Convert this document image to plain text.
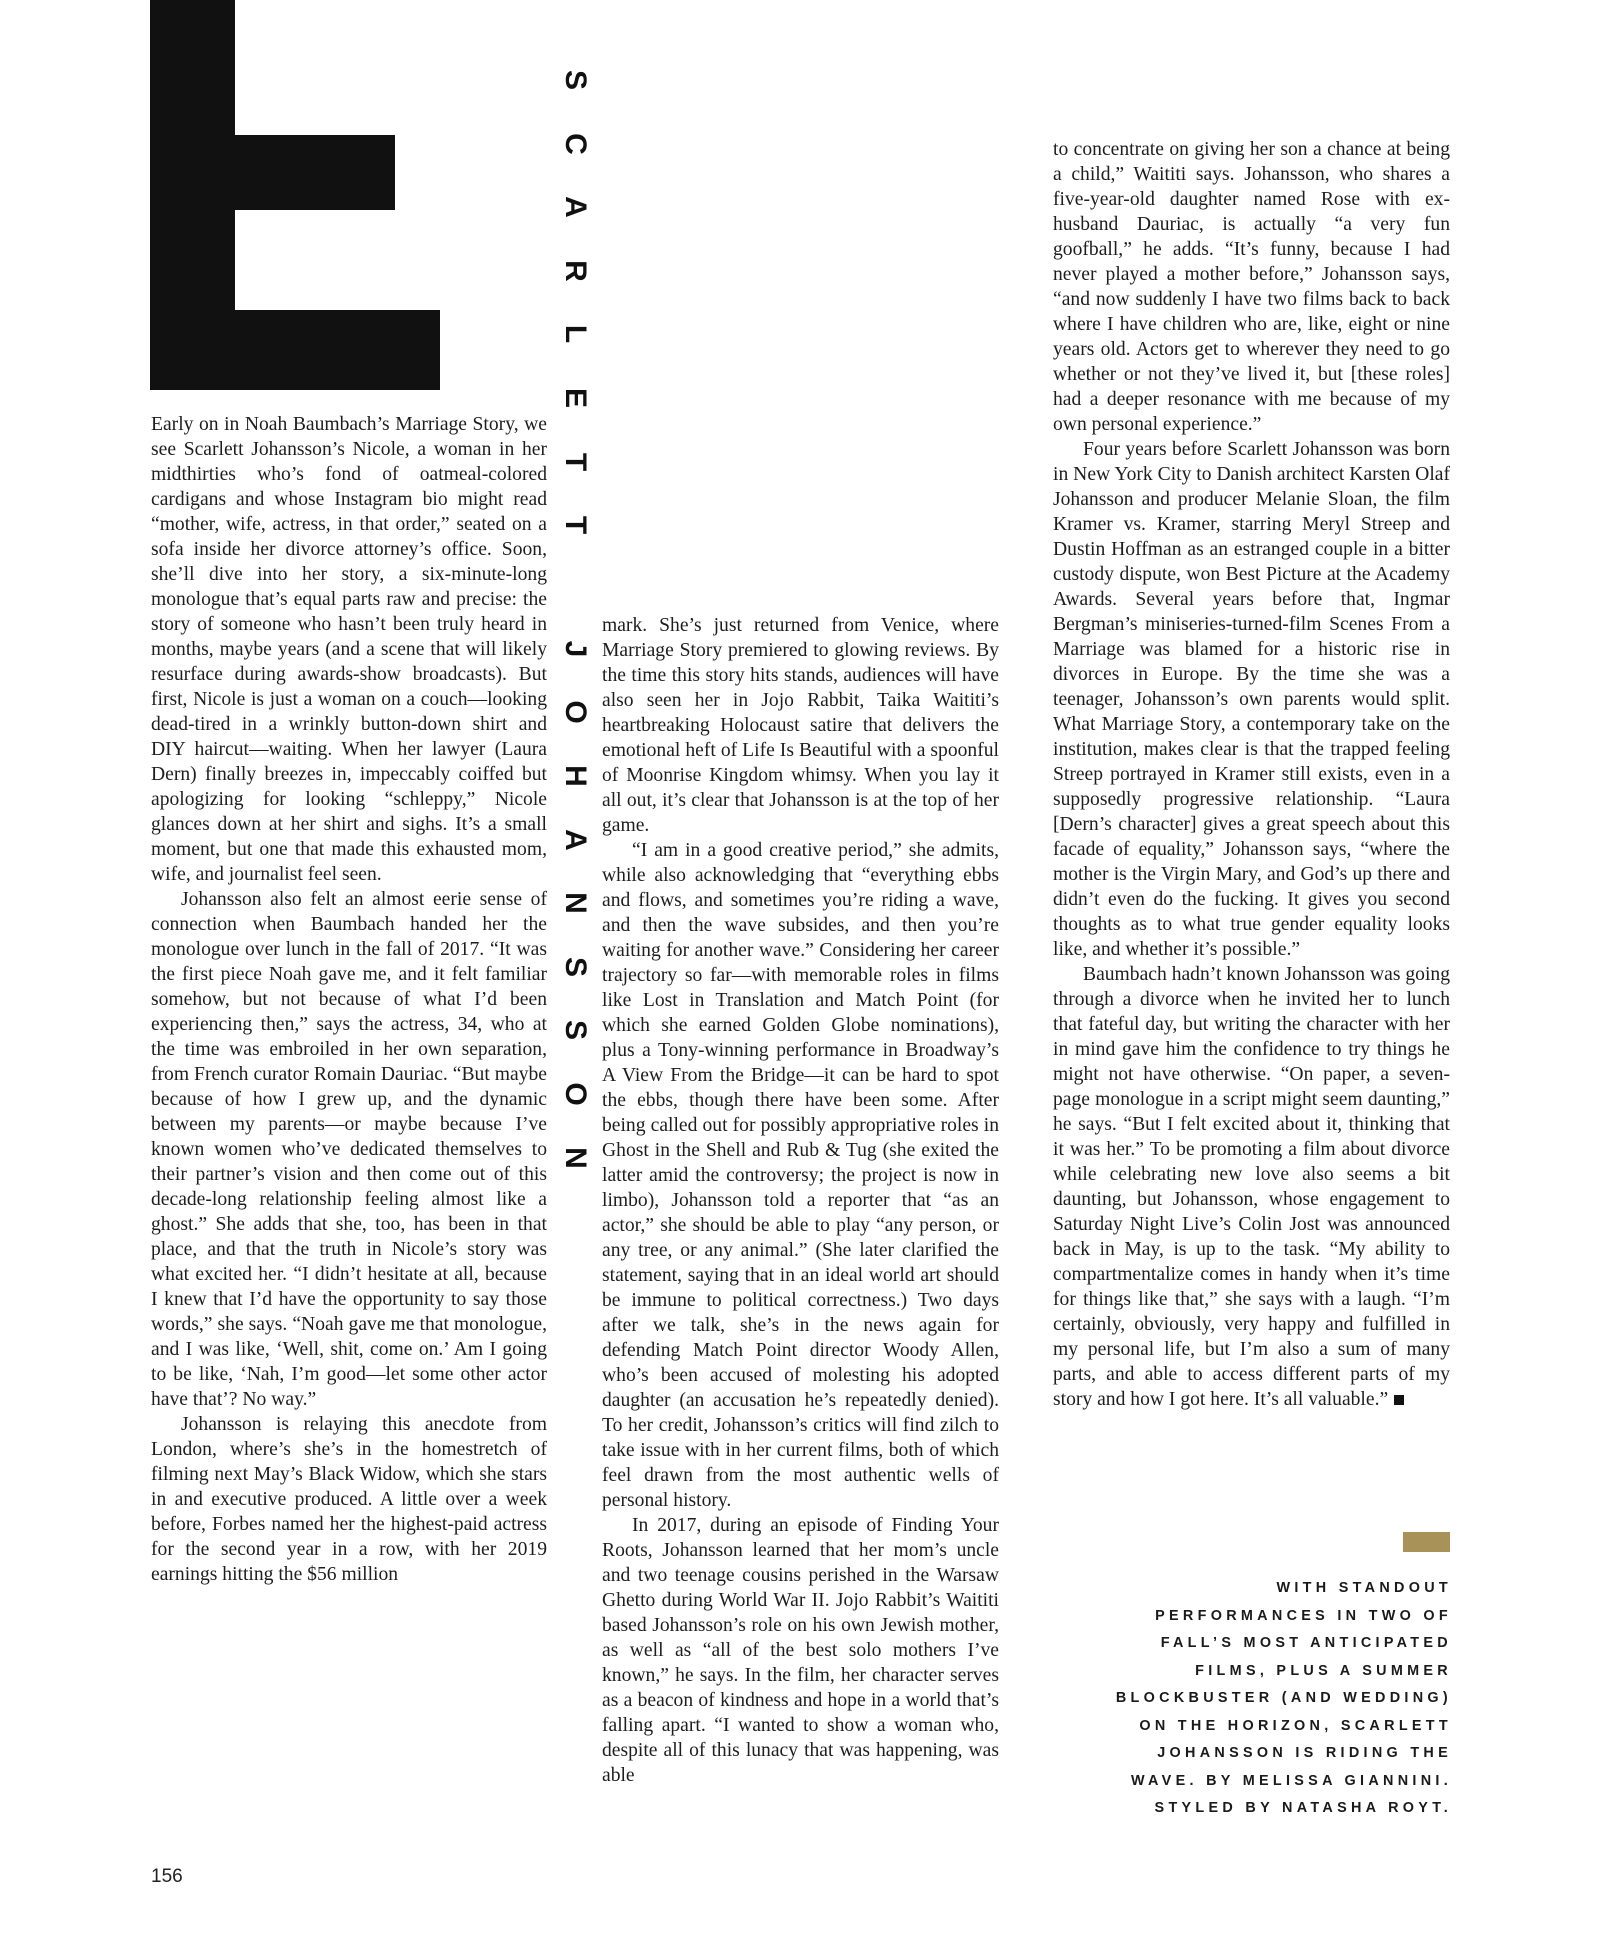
S
C
A
R
L
E
T
T
J
O
H
A
N
S
S
O
N

Early on in Noah Baumbach’s Marriage Story, we see Scarlett Johansson’s Nicole, a woman in her midthirties who’s fond of oatmeal-colored cardigans and whose Instagram bio might read “mother, wife, actress, in that order,” seated on a sofa inside her divorce attorney’s office. Soon, she’ll dive into her story, a six-minute-long monologue that’s equal parts raw and precise: the story of someone who hasn’t been truly heard in months, maybe years (and a scene that will likely resurface during awards-show broadcasts). But first, Nicole is just a woman on a couch—looking dead-tired in a wrinkly button-down shirt and DIY haircut—waiting. When her lawyer (Laura Dern) finally breezes in, impeccably coiffed but apologizing for looking “schleppy,” Nicole glances down at her shirt and sighs. It’s a small moment, but one that made this exhausted mom, wife, and journalist feel seen.

Johansson also felt an almost eerie sense of connection when Baumbach handed her the monologue over lunch in the fall of 2017. “It was the first piece Noah gave me, and it felt familiar somehow, but not because of what I’d been experiencing then,” says the actress, 34, who at the time was embroiled in her own separation, from French curator Romain Dauriac. “But maybe because of how I grew up, and the dynamic between my parents—or maybe because I’ve known women who’ve dedicated themselves to their partner’s vision and then come out of this decade-long relationship feeling almost like a ghost.” She adds that she, too, has been in that place, and that the truth in Nicole’s story was what excited her. “I didn’t hesitate at all, because I knew that I’d have the opportunity to say those words,” she says. “Noah gave me that monologue, and I was like, ‘Well, shit, come on.’ Am I going to be like, ‘Nah, I’m good—let some other actor have that’? No way.”

Johansson is relaying this anecdote from London, where’s she’s in the homestretch of filming next May’s Black Widow, which she stars in and executive produced. A little over a week before, Forbes named her the highest-paid actress for the second year in a row, with her 2019 earnings hitting the $56 million

mark. She’s just returned from Venice, where Marriage Story premiered to glowing reviews. By the time this story hits stands, audiences will have also seen her in Jojo Rabbit, Taika Waititi’s heartbreaking Holocaust satire that delivers the emotional heft of Life Is Beautiful with a spoonful of Moonrise Kingdom whimsy. When you lay it all out, it’s clear that Johansson is at the top of her game.

“I am in a good creative period,” she admits, while also acknowledging that “everything ebbs and flows, and sometimes you’re riding a wave, and then the wave subsides, and then you’re waiting for another wave.” Considering her career trajectory so far—with memorable roles in films like Lost in Translation and Match Point (for which she earned Golden Globe nominations), plus a Tony-winning performance in Broadway’s A View From the Bridge—it can be hard to spot the ebbs, though there have been some. After being called out for possibly appropriative roles in Ghost in the Shell and Rub & Tug (she exited the latter amid the controversy; the project is now in limbo), Johansson told a reporter that “as an actor,” she should be able to play “any person, or any tree, or any animal.” (She later clarified the statement, saying that in an ideal world art should be immune to political correctness.) Two days after we talk, she’s in the news again for defending Match Point director Woody Allen, who’s been accused of molesting his adopted daughter (an accusation he’s repeatedly denied). To her credit, Johansson’s critics will find zilch to take issue with in her current films, both of which feel drawn from the most authentic wells of personal history.

In 2017, during an episode of Finding Your Roots, Johansson learned that her mom’s uncle and two teenage cousins perished in the Warsaw Ghetto during World War II. Jojo Rabbit’s Waititi based Johansson’s role on his own Jewish mother, as well as “all of the best solo mothers I’ve known,” he says. In the film, her character serves as a beacon of kindness and hope in a world that’s falling apart. “I wanted to show a woman who, despite all of this lunacy that was happening, was able

to concentrate on giving her son a chance at being a child,” Waititi says. Johansson, who shares a five-year-old daughter named Rose with ex-husband Dauriac, is actually “a very fun goofball,” he adds. “It’s funny, because I had never played a mother before,” Johansson says, “and now suddenly I have two films back to back where I have children who are, like, eight or nine years old. Actors get to wherever they need to go whether or not they’ve lived it, but [these roles] had a deeper resonance with me because of my own personal experience.”

Four years before Scarlett Johansson was born in New York City to Danish architect Karsten Olaf Johansson and producer Melanie Sloan, the film Kramer vs. Kramer, starring Meryl Streep and Dustin Hoffman as an estranged couple in a bitter custody dispute, won Best Picture at the Academy Awards. Several years before that, Ingmar Bergman’s miniseries-turned-film Scenes From a Marriage was blamed for a historic rise in divorces in Europe. By the time she was a teenager, Johansson’s own parents would split. What Marriage Story, a contemporary take on the institution, makes clear is that the trapped feeling Streep portrayed in Kramer still exists, even in a supposedly progressive relationship. “Laura [Dern’s character] gives a great speech about this facade of equality,” Johansson says, “where the mother is the Virgin Mary, and God’s up there and didn’t even do the fucking. It gives you second thoughts as to what true gender equality looks like, and whether it’s possible.”

Baumbach hadn’t known Johansson was going through a divorce when he invited her to lunch that fateful day, but writing the character with her in mind gave him the confidence to try things he might not have otherwise. “On paper, a seven-page monologue in a script might seem daunting,” he says. “But I felt excited about it, thinking that it was her.” To be promoting a film about divorce while celebrating new love also seems a bit daunting, but Johansson, whose engagement to Saturday Night Live’s Colin Jost was announced back in May, is up to the task. “My ability to compartmentalize comes in handy when it’s time for things like that,” she says with a laugh. “I’m certainly, obviously, very happy and fulfilled in my personal life, but I’m also a sum of many parts, and able to access different parts of my story and how I got here. It’s all valuable.”

WITH STANDOUT
PERFORMANCES IN TWO OF
FALL’S MOST ANTICIPATED
FILMS, PLUS A SUMMER
BLOCKBUSTER (AND WEDDING)
ON THE HORIZON, SCARLETT
JOHANSSON IS RIDING THE
WAVE. BY MELISSA GIANNINI.
STYLED BY NATASHA ROYT.

156
